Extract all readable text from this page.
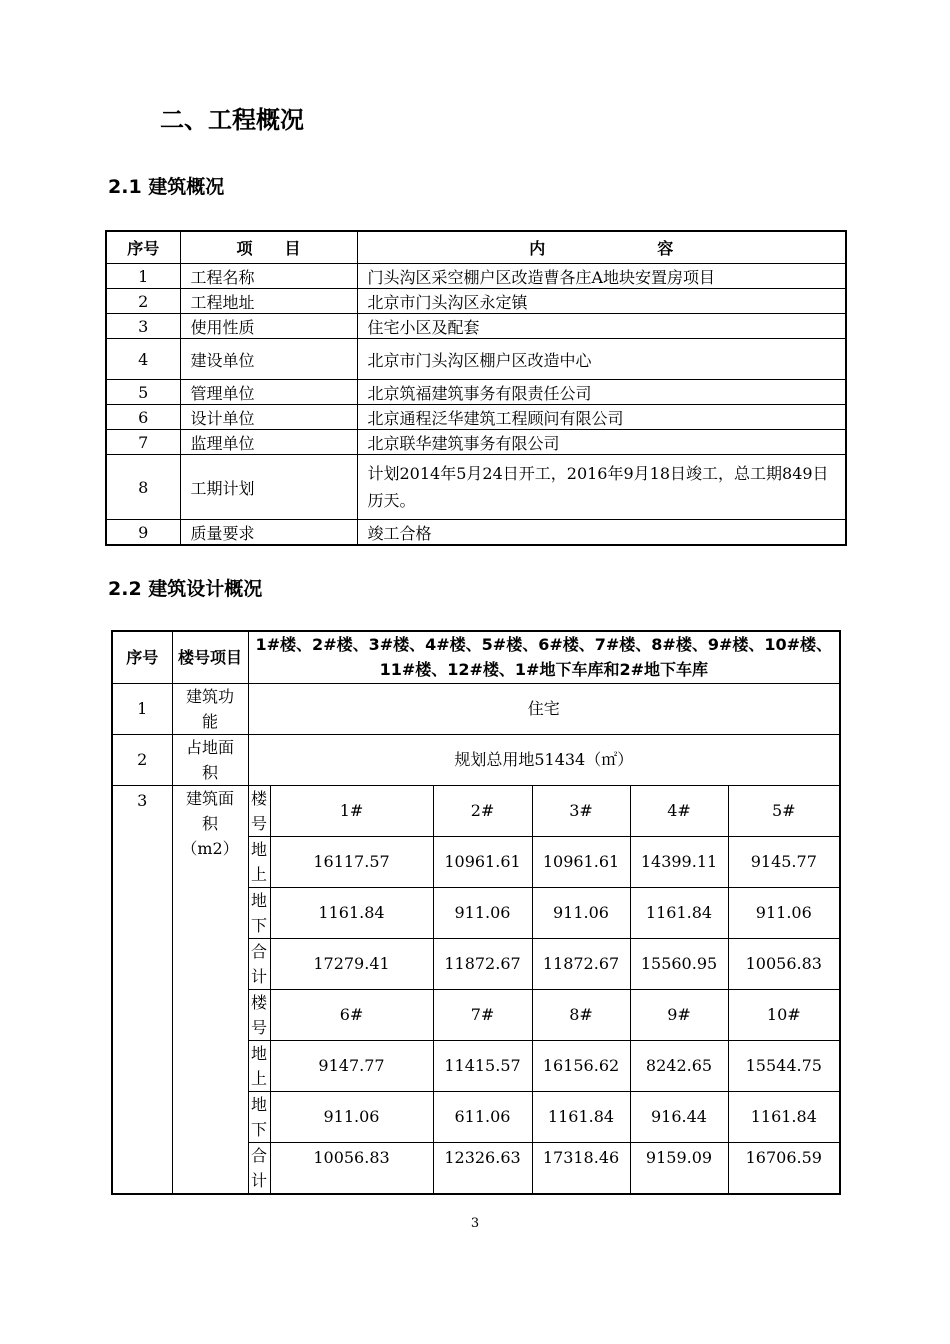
二、工程概况
2.1 建筑概况
序号	项　　目	内　　　　　　　容
1	工程名称	门头沟区采空棚户区改造曹各庄A地块安置房项目
2	工程地址	北京市门头沟区永定镇
3	使用性质	住宅小区及配套
4	建设单位	北京市门头沟区棚户区改造中心
5	管理单位	北京筑福建筑事务有限责任公司
6	设计单位	北京通程泛华建筑工程顾问有限公司
7	监理单位	北京联华建筑事务有限公司
8	工期计划	计划2014年5月24日开工，2016年9月18日竣工，总工期849日历天。
9	质量要求	竣工合格
2.2 建筑设计概况
序号	楼号项目	1#楼、2#楼、3#楼、4#楼、5#楼、6#楼、7#楼、8#楼、9#楼、10#楼、11#楼、12#楼、1#地下车库和2#地下车库					
1	建筑功能	住宅					
2	占地面积	规划总用地51434（㎡）					
3	建筑面积（m2）	楼号	1#	2#	3#	4#	5#
		地上	16117.57	10961.61	10961.61	14399.11	9145.77
		地下	1161.84	911.06	911.06	1161.84	911.06
		合计	17279.41	11872.67	11872.67	15560.95	10056.83
		楼号	6#	7#	8#	9#	10#
		地上	9147.77	11415.57	16156.62	8242.65	15544.75
		地下	911.06	611.06	1161.84	916.44	1161.84
		合计	10056.83	12326.63	17318.46	9159.09	16706.59
3
